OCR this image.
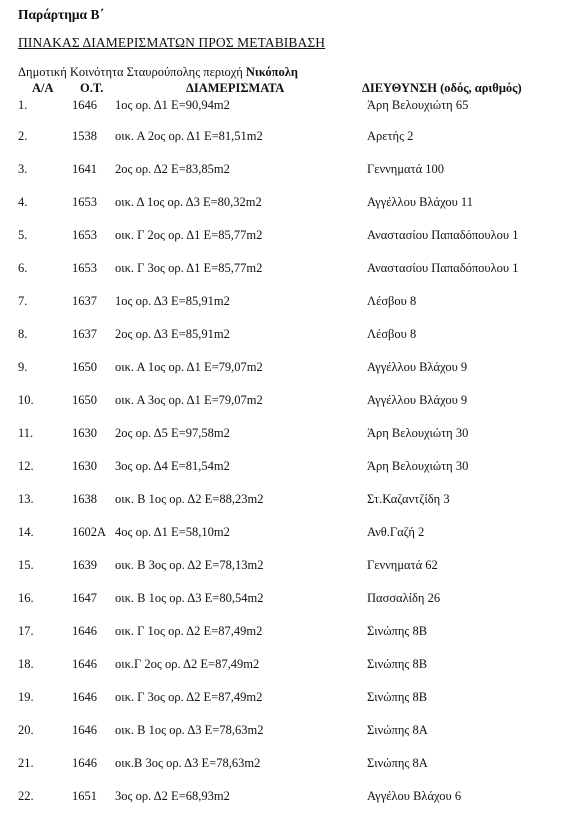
Παράρτημα Β΄
ΠΙΝΑΚΑΣ ΔΙΑΜΕΡΙΣΜΑΤΩΝ ΠΡΟΣ ΜΕΤΑΒΙΒΑΣΗ
Δημοτική Κοινότητα Σταυρούπολης περιοχή Νικόπολη
Α/Α Ο.Τ.	ΔΙΑΜΕΡΙΣΜΑΤΑ	ΔΙΕΥΘΥΝΣΗ (οδός, αριθμός)
1.	1646 1ος ορ. Δ1 Ε=90,94m2	Άρη Βελουχιώτη 65
2.	1538 οικ. Α 2ος ορ. Δ1 Ε=81,51m2	Αρετής 2
3.	1641 2ος ορ. Δ2 Ε=83,85m2	Γεννηματά 100
4.	1653 οικ. Δ 1ος ορ. Δ3 Ε=80,32m2	Αγγέλλου Βλάχου 11
5.	1653 οικ. Γ 2ος ορ. Δ1 Ε=85,77m2	Αναστασίου Παπαδόπουλου 1
6.	1653 οικ. Γ 3ος ορ. Δ1 Ε=85,77m2	Αναστασίου Παπαδόπουλου 1
7.	1637 1ος ορ. Δ3 Ε=85,91m2	Λέσβου 8
8.	1637 2ος ορ. Δ3 Ε=85,91m2	Λέσβου 8
9.	1650 οικ. Α 1ος ορ. Δ1 Ε=79,07m2	Αγγέλλου Βλάχου 9
10.	1650 οικ. Α 3ος ορ. Δ1 Ε=79,07m2	Αγγέλλου Βλάχου 9
11.	1630 2ος ορ. Δ5 Ε=97,58m2	Άρη Βελουχιώτη 30
12.	1630 3ος ορ. Δ4 Ε=81,54m2	Άρη Βελουχιώτη 30
13.	1638 οικ. Β 1ος ορ. Δ2 Ε=88,23m2	Στ.Καζαντζίδη 3
14.	1602Α 4ος ορ. Δ1 Ε=58,10m2	Ανθ.Γαζή 2
15.	1639 οικ. Β 3ος ορ. Δ2 Ε=78,13m2	Γεννηματά 62
16.	1647 οικ. Β 1ος ορ. Δ3 Ε=80,54m2	Πασσαλίδη 26
17.	1646 οικ. Γ 1ος ορ. Δ2 Ε=87,49m2	Σινώπης 8Β
18.	1646 οικ.Γ 2ος ορ. Δ2 Ε=87,49m2	Σινώπης 8Β
19.	1646 οικ. Γ 3ος ορ. Δ2 Ε=87,49m2	Σινώπης 8Β
20.	1646 οικ. Β 1ος ορ. Δ3 Ε=78,63m2	Σινώπης 8Α
21.	1646 οικ.Β 3ος ορ. Δ3 Ε=78,63m2	Σινώπης 8Α
22.	1651 3ος ορ. Δ2 Ε=68,93m2	Αγγέλου Βλάχου 6
